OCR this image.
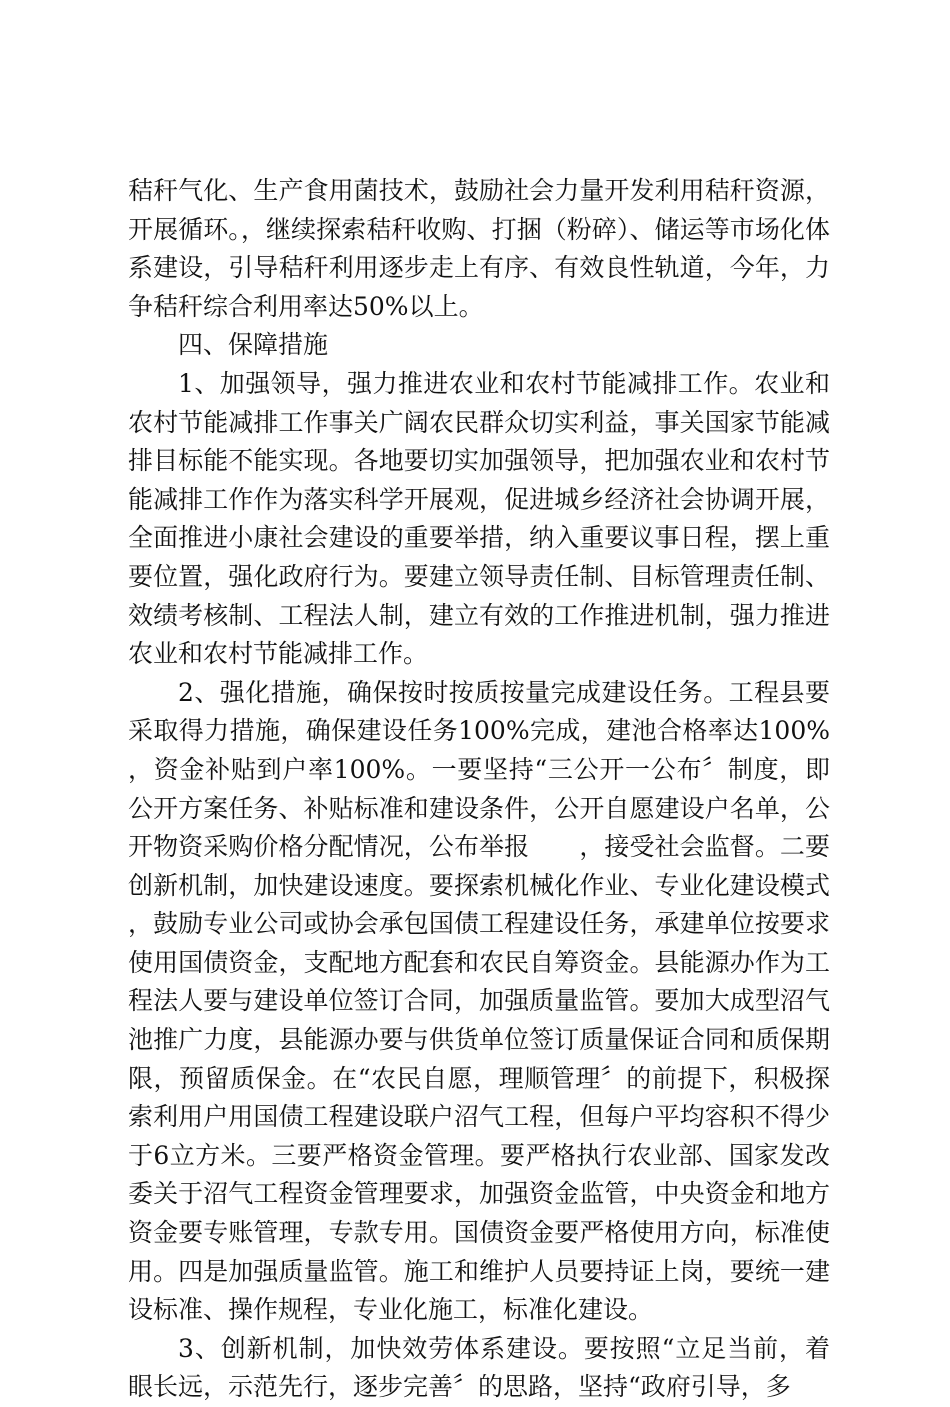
秸秆气化、生产食用菌技术，鼓励社会力量开发利用秸秆资源，开展循环。，继续探索秸秆收购、打捆（粉碎）、储运等市场化体系建设，引导秸秆利用逐步走上有序、有效良性轨道，今年，力争秸秆综合利用率达50%以上。

四、保障措施

1、加强领导，强力推进农业和农村节能减排工作。农业和农村节能减排工作事关广阔农民群众切实利益，事关国家节能减排目标能不能实现。各地要切实加强领导，把加强农业和农村节能减排工作作为落实科学开展观，促进城乡经济社会协调开展，全面推进小康社会建设的重要举措，纳入重要议事日程，摆上重要位置，强化政府行为。要建立领导责任制、目标管理责任制、效绩考核制、工程法人制，建立有效的工作推进机制，强力推进农业和农村节能减排工作。

2、强化措施，确保按时按质按量完成建设任务。工程县要采取得力措施，确保建设任务100%完成，建池合格率达100%，资金补贴到户率100%。一要坚持“三公开一公布〞制度，即公开方案任务、补贴标准和建设条件，公开自愿建设户名单，公开物资采购价格分配情况，公布举报　　，接受社会监督。二要创新机制，加快建设速度。要探索机械化作业、专业化建设模式，鼓励专业公司或协会承包国债工程建设任务，承建单位按要求使用国债资金，支配地方配套和农民自筹资金。县能源办作为工程法人要与建设单位签订合同，加强质量监管。要加大成型沼气池推广力度，县能源办要与供货单位签订质量保证合同和质保期限，预留质保金。在“农民自愿，理顺管理〞的前提下，积极探索利用户用国债工程建设联户沼气工程，但每户平均容积不得少于6立方米。三要严格资金管理。要严格执行农业部、国家发改委关于沼气工程资金管理要求，加强资金监管，中央资金和地方资金要专账管理，专款专用。国债资金要严格使用方向，标准使用。四是加强质量监管。施工和维护人员要持证上岗，要统一建设标准、操作规程，专业化施工，标准化建设。

3、创新机制，加快效劳体系建设。要按照“立足当前，着眼长远，示范先行，逐步完善〞的思路，坚持“政府引导，多
